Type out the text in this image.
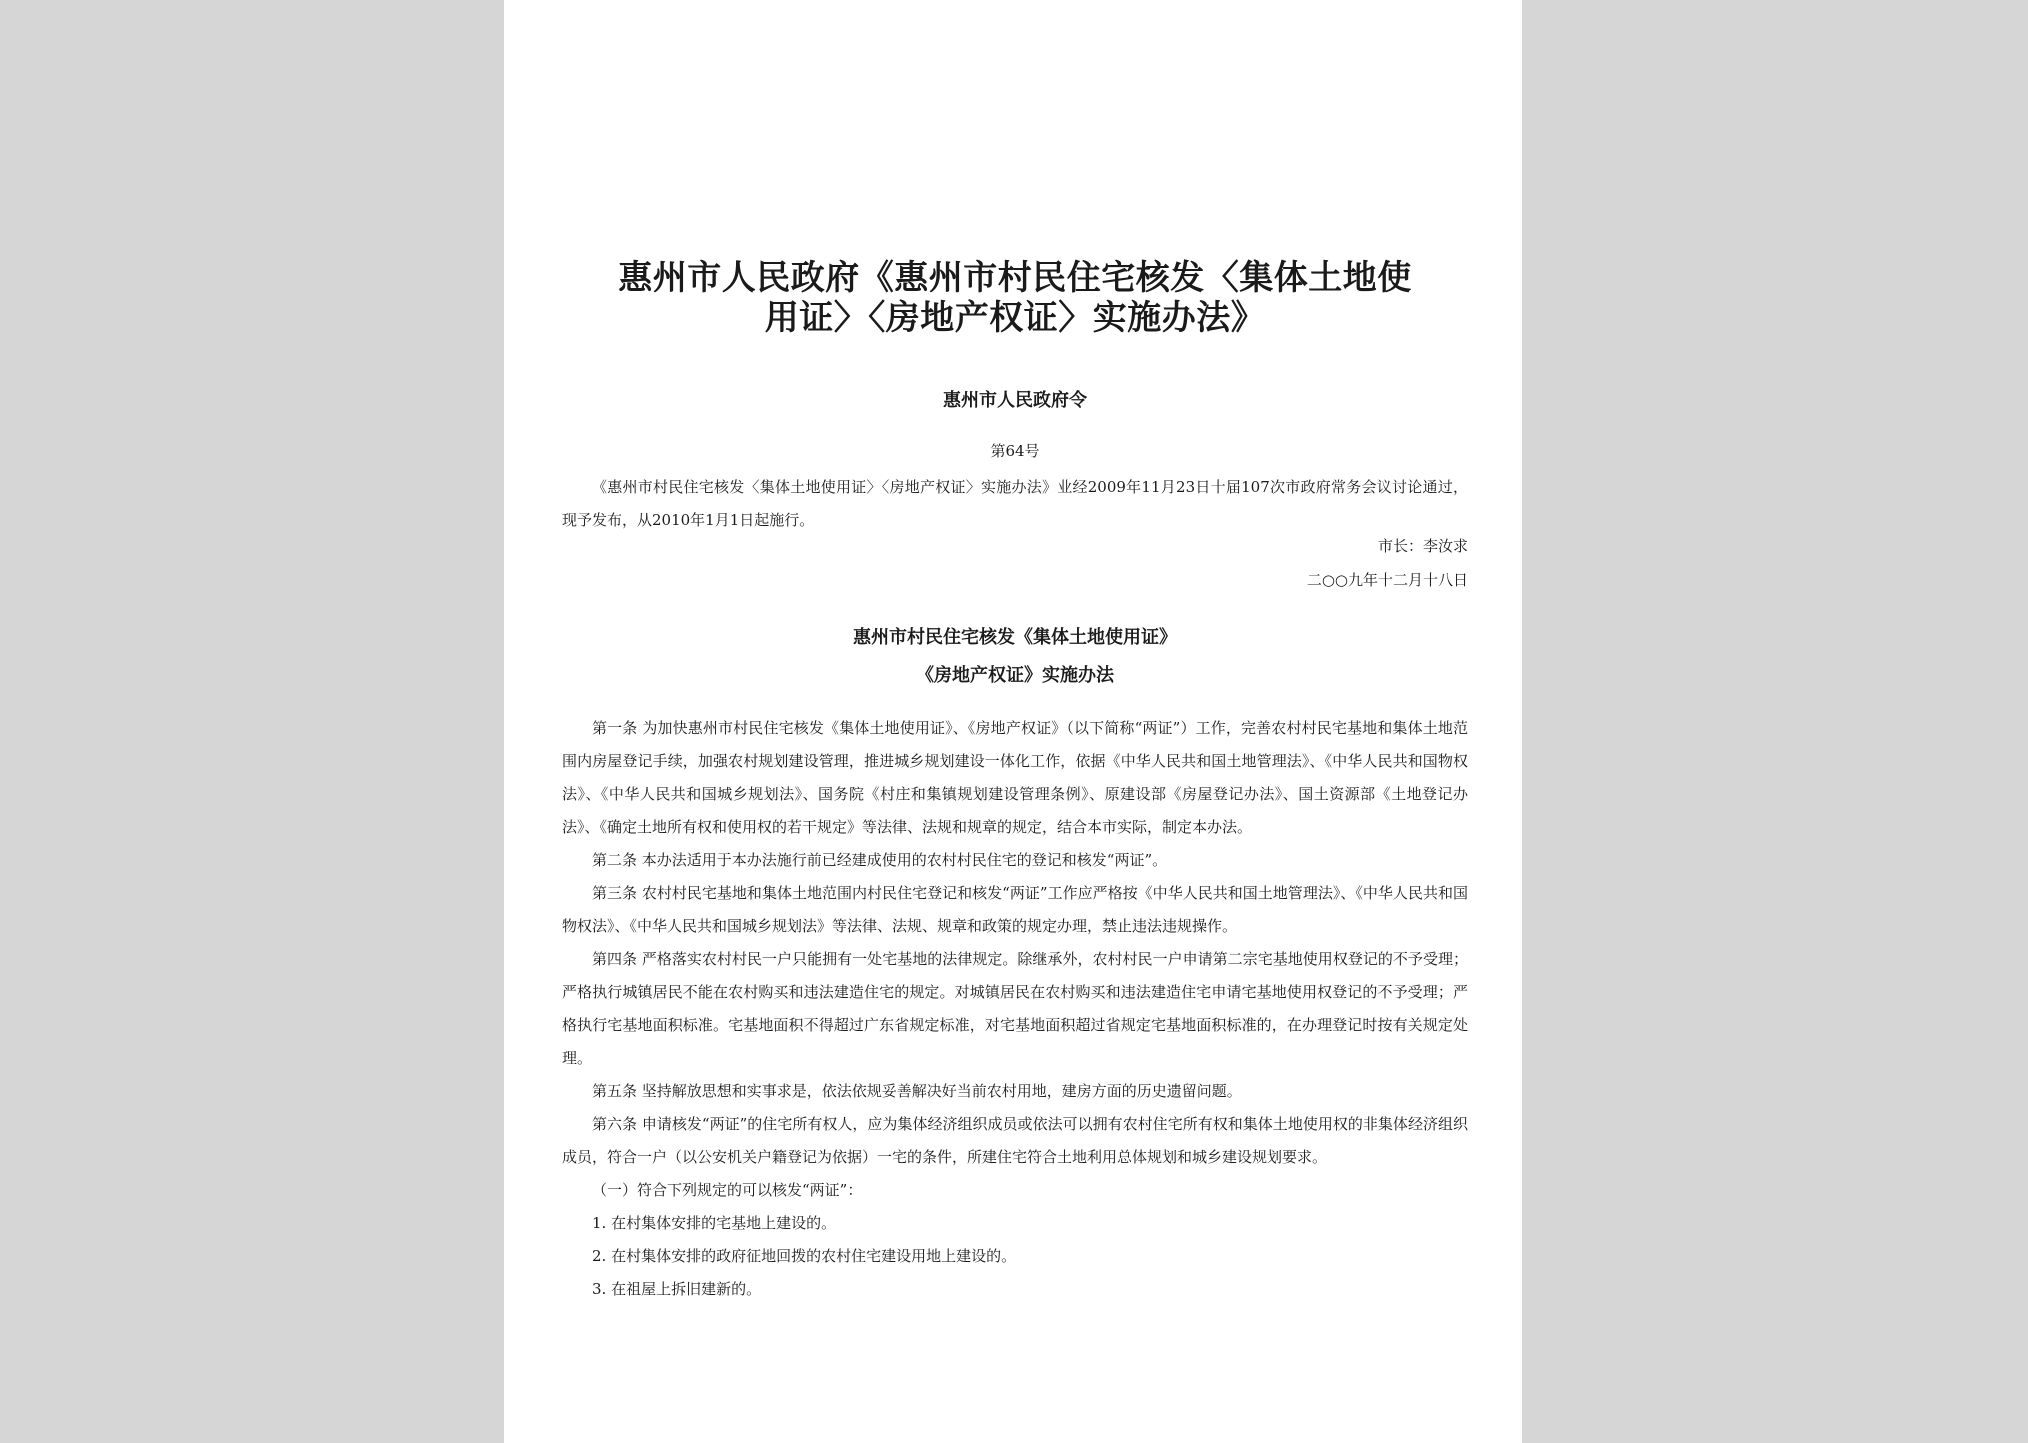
惠州市人民政府《惠州市村民住宅核发〈集体土地使
用证〉〈房地产权证〉实施办法》

惠州市人民政府令

第64号

《惠州市村民住宅核发〈集体土地使用证〉〈房地产权证〉实施办法》业经2009年11月23日十届107次市政府常务会议讨论通过，现予发布，从2010年1月1日起施行。

市长：李汝求

二○○九年十二月十八日

惠州市村民住宅核发《集体土地使用证》

《房地产权证》实施办法

第一条 为加快惠州市村民住宅核发《集体土地使用证》、《房地产权证》（以下简称“两证”）工作，完善农村村民宅基地和集体土地范围内房屋登记手续，加强农村规划建设管理，推进城乡规划建设一体化工作，依据《中华人民共和国土地管理法》、《中华人民共和国物权法》、《中华人民共和国城乡规划法》、国务院《村庄和集镇规划建设管理条例》、原建设部《房屋登记办法》、国土资源部《土地登记办法》、《确定土地所有权和使用权的若干规定》等法律、法规和规章的规定，结合本市实际，制定本办法。

第二条 本办法适用于本办法施行前已经建成使用的农村村民住宅的登记和核发“两证”。

第三条 农村村民宅基地和集体土地范围内村民住宅登记和核发“两证”工作应严格按《中华人民共和国土地管理法》、《中华人民共和国物权法》、《中华人民共和国城乡规划法》等法律、法规、规章和政策的规定办理，禁止违法违规操作。

第四条 严格落实农村村民一户只能拥有一处宅基地的法律规定。除继承外，农村村民一户申请第二宗宅基地使用权登记的不予受理；严格执行城镇居民不能在农村购买和违法建造住宅的规定。对城镇居民在农村购买和违法建造住宅申请宅基地使用权登记的不予受理；严格执行宅基地面积标准。宅基地面积不得超过广东省规定标准，对宅基地面积超过省规定宅基地面积标准的，在办理登记时按有关规定处理。

第五条 坚持解放思想和实事求是，依法依规妥善解决好当前农村用地，建房方面的历史遗留问题。

第六条 申请核发“两证”的住宅所有权人，应为集体经济组织成员或依法可以拥有农村住宅所有权和集体土地使用权的非集体经济组织成员，符合一户（以公安机关户籍登记为依据）一宅的条件，所建住宅符合土地利用总体规划和城乡建设规划要求。

（一）符合下列规定的可以核发“两证”：

1. 在村集体安排的宅基地上建设的。

2. 在村集体安排的政府征地回拨的农村住宅建设用地上建设的。

3. 在祖屋上拆旧建新的。
